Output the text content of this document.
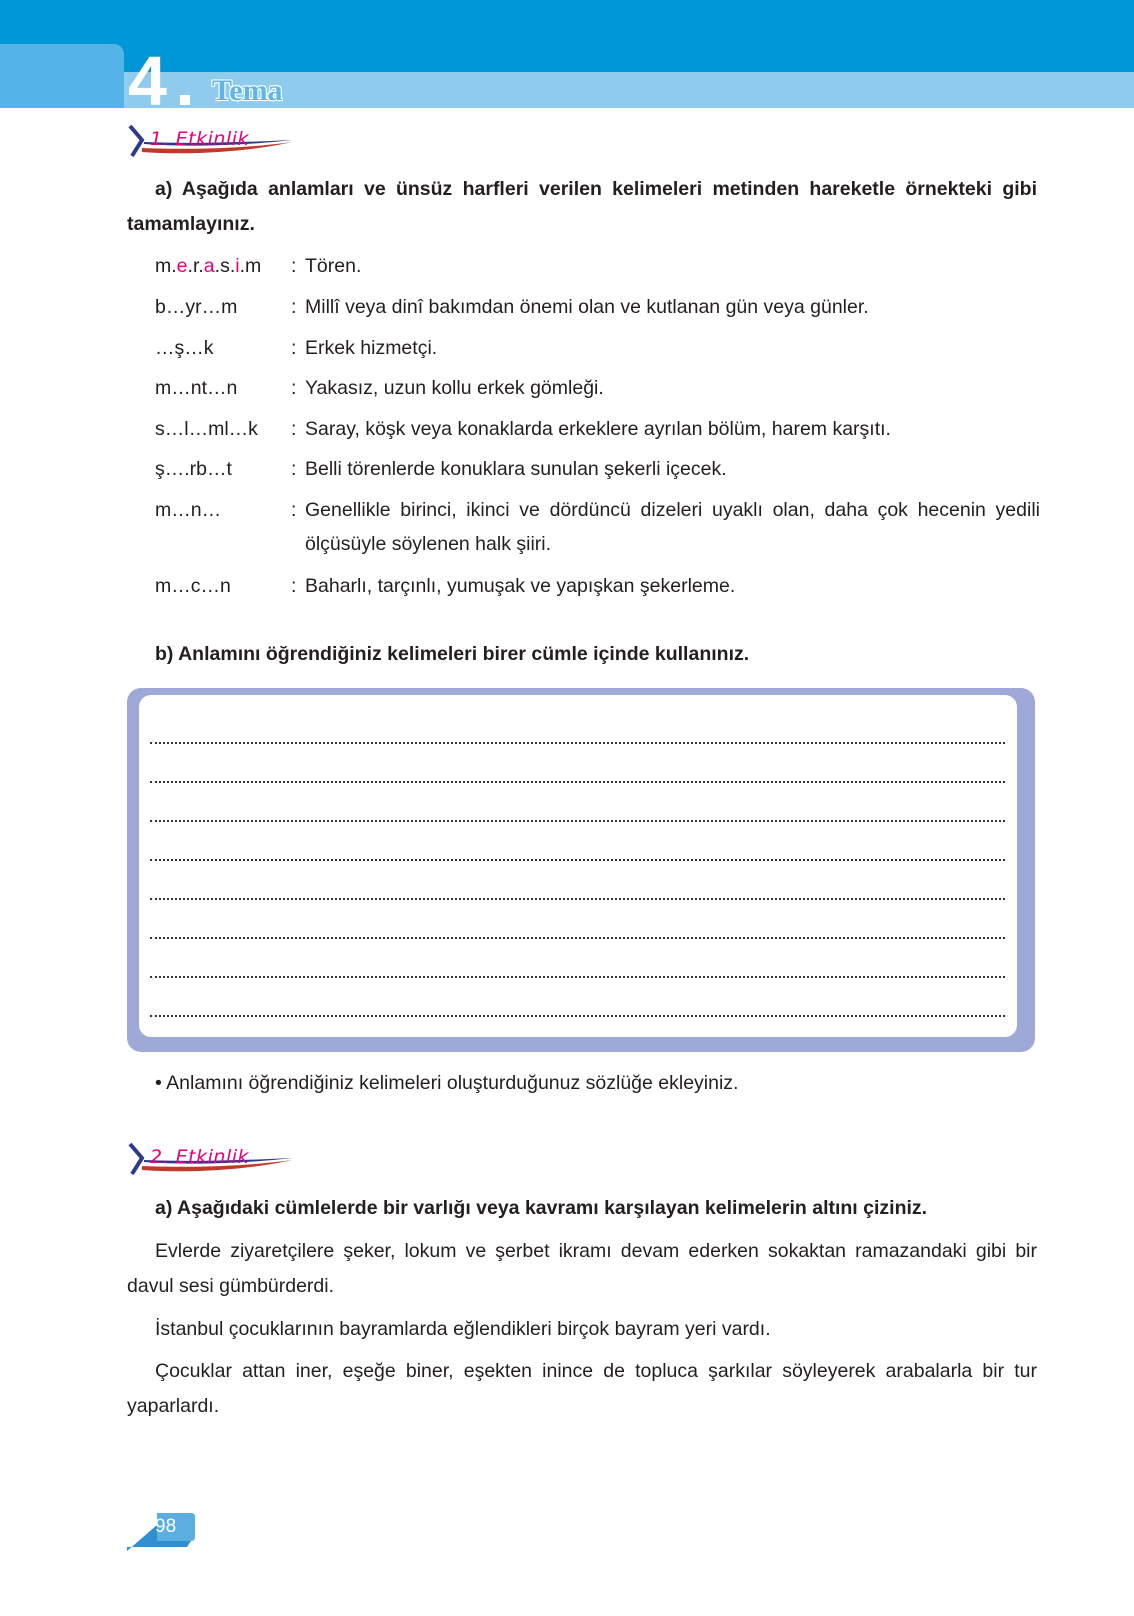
4 Tema
1. Etkinlik
a) Aşağıda anlamları ve ünsüz harfleri verilen kelimeleri metinden hareketle örnekteki gibi tamamlayınız.
m.e.r.a.s.i.m : Tören.
b…yr…m	: Millî veya dinî bakımdan önemi olan ve kutlanan gün veya günler.
…ş…k	: Erkek hizmetçi.
m…nt…n	: Yakasız, uzun kollu erkek gömleği.
s…l…ml…k : Saray, köşk veya konaklarda erkeklere ayrılan bölüm, harem karşıtı.
ş….rb…t	: Belli törenlerde konuklara sunulan şekerli içecek.
m…n…	: Genellikle birinci, ikinci ve dördüncü dizeleri uyaklı olan, daha çok hecenin yedili ölçüsüyle söylenen halk şiiri.
m…c…n	: Baharlı, tarçınlı, yumuşak ve yapışkan şekerleme.
b) Anlamını öğrendiğiniz kelimeleri birer cümle içinde kullanınız.
• Anlamını öğrendiğiniz kelimeleri oluşturduğunuz sözlüğe ekleyiniz.
2. Etkinlik
a) Aşağıdaki cümlelerde bir varlığı veya kavramı karşılayan kelimelerin altını çiziniz.
Evlerde ziyaretçilere şeker, lokum ve şerbet ikramı devam ederken sokaktan ramazandaki gibi bir davul sesi gümbürderdi.
İstanbul çocuklarının bayramlarda eğlendikleri birçok bayram yeri vardı.
Çocuklar attan iner, eşeğe biner, eşekten inince de topluca şarkılar söyleyerek arabalarla bir tur yaparlardı.
98
